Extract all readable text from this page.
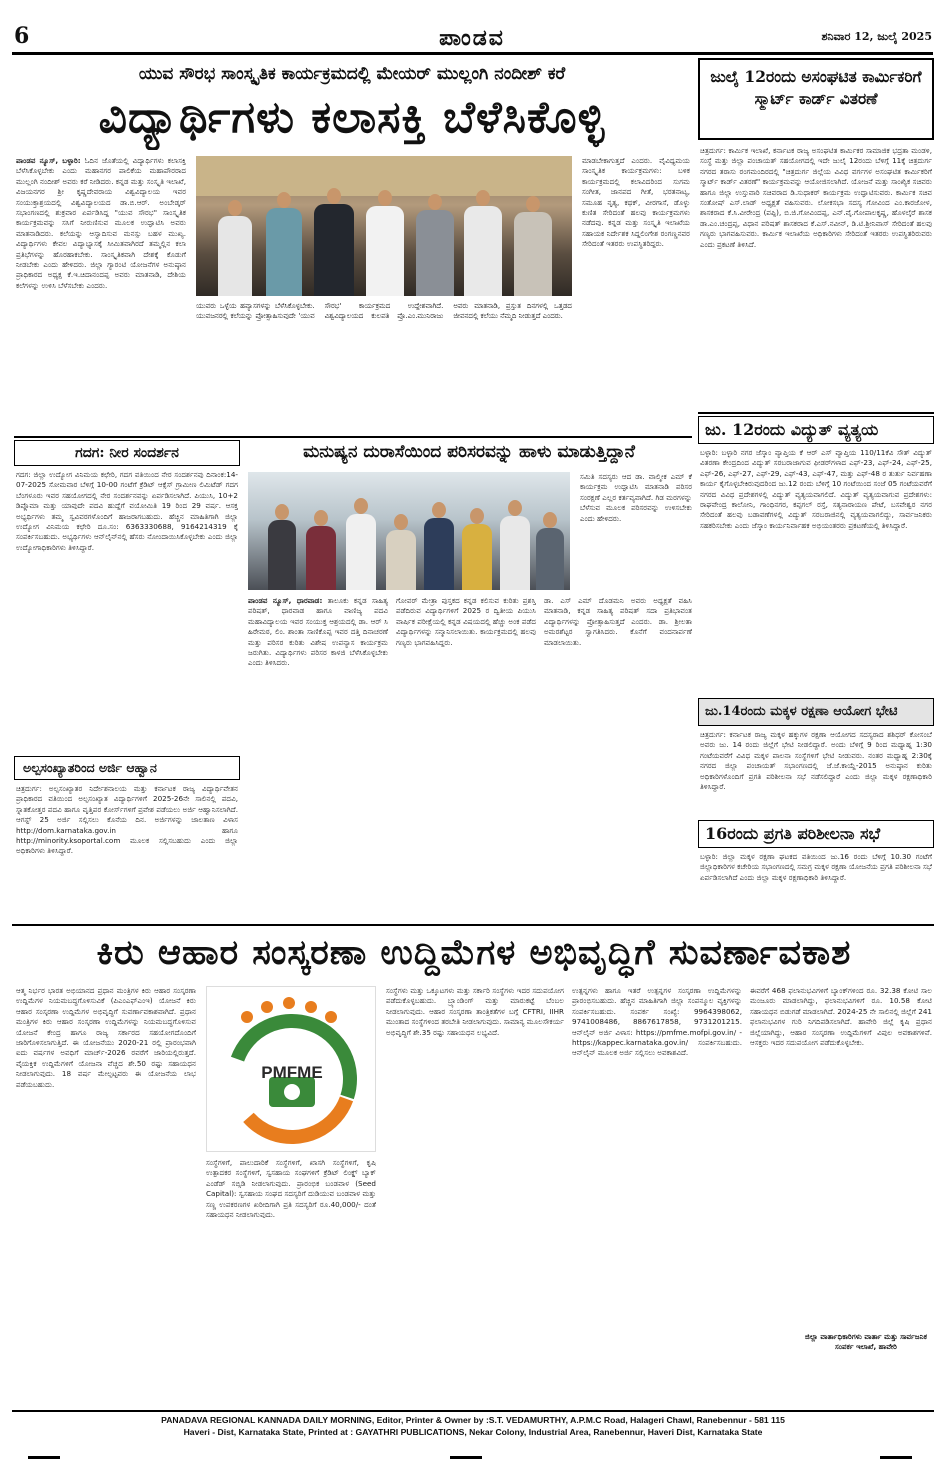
6	ಪಾಂಡವ	ಶನಿವಾರ 12, ಜುಲೈ 2025
ಯುವ ಸೌರಭ ಸಾಂಸ್ಕೃತಿಕ ಕಾರ್ಯಕ್ರಮದಲ್ಲಿ ಮೇಯರ್ ಮುಲ್ಲಂಗಿ ನಂದೀಶ್ ಕರೆ
ವಿದ್ಯಾರ್ಥಿಗಳು ಕಲಾಸಕ್ತಿ ಬೆಳೆಸಿಕೊಳ್ಳಿ
ಪಾಂಡವ ನ್ಯೂಸ್, ಬಳ್ಳಾರಿ: ಓದಿನ ಜೊತೆಯಲ್ಲಿ ವಿದ್ಯಾರ್ಥಿಗಳು ಕಲಾಸಕ್ತಿ ಬೆಳೆಸಿಕೊಳ್ಳಬೇಕು ಎಂದು ಮಹಾನಗರ ಪಾಲಿಕೆಯ ಮಹಾಪೌರರಾದ ಮುಲ್ಲಂಗಿ ನಂದೀಶ್ ಅವರು ಕರೆ ನೀಡಿದರು. ಕನ್ನಡ ಮತ್ತು ಸಂಸ್ಕೃತಿ ಇಲಾಖೆ, ವಿಜಯನಗರ ಶ್ರೀ ಕೃಷ್ಣದೇವರಾಯ ವಿಶ್ವವಿದ್ಯಾಲಯ ಇವರ ಸಂಯುಕ್ತಾಶ್ರಯದಲ್ಲಿ ವಿಶ್ವವಿದ್ಯಾಲಯದ ಡಾ.ಬಿ.ಆರ್. ಅಂಬೇಡ್ಕರ್ ಸಭಾಂಗಣದಲ್ಲಿ ಶುಕ್ರವಾರ ಏರ್ಪಡಿಸಿದ್ದ "ಯುವ ಸೌರಭ" ಸಾಂಸ್ಕೃತಿಕ ಕಾರ್ಯಕ್ರಮವನ್ನು ಸಸಿಗೆ ನೀರುಣಿಸುವ ಮೂಲಕ ಉದ್ಘಾಟಿಸಿ ಅವರು ಮಾತನಾಡಿದರು. ಕಲೆಯನ್ನು ಆಸ್ವಾದಿಸುವ ಮನಸ್ಸು ಬಹಳ ಮುಖ್ಯ. ವಿದ್ಯಾರ್ಥಿಗಳು ಕೇವಲ ವಿದ್ಯಾಭ್ಯಾಸಕ್ಕೆ ಸೀಮಿತವಾಗಿರದೆ ತಮ್ಮಲ್ಲಿನ ಕಲಾ ಪ್ರತಿಭೆಗಳನ್ನು ಹೊರಹಾಕಬೇಕು. ಸಾಂಸ್ಕೃತಿಕವಾಗಿ ದೇಶಕ್ಕೆ ಕೊಡುಗೆ ನೀಡಬೇಕು ಎಂದು ಹೇಳಿದರು. ಜಿಲ್ಲಾ ಗ್ಯಾರಂಟಿ ಯೋಜನೆಗಳ ಅನುಷ್ಠಾನ ಪ್ರಾಧಿಕಾರದ ಅಧ್ಯಕ್ಷ ಕೆ.ಇ.ಚಿದಾನಂದಪ್ಪ ಅವರು ಮಾತನಾಡಿ, ದೇಶಿಯ ಕಲೆಗಳನ್ನು ಉಳಿಸಿ ಬೆಳೆಸಬೇಕು ಎಂದರು.
ಯುವರು ಒಳ್ಳೆಯ ಹವ್ಯಾಸಗಳನ್ನು ಬೆಳೆಸಿಕೊಳ್ಳಬೇಕು. ಯುವಜನರಲ್ಲಿ ಕಲೆಯನ್ನು ಪ್ರೋತ್ಸಾಹಿಸುವುದೇ 'ಯುವ ಸೌರಭ' ಕಾರ್ಯಕ್ರಮದ ಉದ್ದೇಶವಾಗಿದೆ. ವಿಶ್ವವಿದ್ಯಾಲಯದ ಕುಲಪತಿ ಪ್ರೊ.ಎಂ.ಮುನಿರಾಜು ಅವರು ಮಾತನಾಡಿ, ಪ್ರಸ್ತುತ ದಿನಗಳಲ್ಲಿ ಒತ್ತಡದ ಜೀವನದಲ್ಲಿ ಕಲೆಯು ನೆಮ್ಮದಿ ನೀಡುತ್ತದೆ ಎಂದರು.
ಮಾಡಬೇಕಾಗುತ್ತದೆ ಎಂದರು. ವೈವಿಧ್ಯಮಯ ಸಾಂಸ್ಕೃತಿಕ ಕಾರ್ಯಕ್ರಮಗಳು: ಬಳಿಕ ಕಾರ್ಯಕ್ರಮದಲ್ಲಿ ಕಲಾವಿದರಿಂದ ಸುಗಮ ಸಂಗೀತ, ಜಾನಪದ ಗೀತೆ, ಭರತನಾಟ್ಯ, ಸಮೂಹ ನೃತ್ಯ, ಕಥಕ್, ವೀರಗಾಸೆ, ಡೊಳ್ಳು ಕುಣಿತ ಸೇರಿದಂತೆ ಹಲವು ಕಾರ್ಯಕ್ರಮಗಳು ನಡೆದವು. ಕನ್ನಡ ಮತ್ತು ಸಂಸ್ಕೃತಿ ಇಲಾಖೆಯ ಸಹಾಯಕ ನಿರ್ದೇಶಕ ಸಿದ್ದಲಿಂಗೇಶ ರಂಗಣ್ಣನವರ ಸೇರಿದಂತೆ ಇತರರು ಉಪಸ್ಥಿತರಿದ್ದರು.
ಜುಲೈ 12ರಂದು ಅಸಂಘಟಿತ ಕಾರ್ಮಿಕರಿಗೆ ಸ್ಮಾರ್ಟ್ ಕಾರ್ಡ್ ವಿತರಣೆ
ಚಿತ್ರದುರ್ಗ: ಕಾರ್ಮಿಕ ಇಲಾಖೆ, ಕರ್ನಾಟಕ ರಾಜ್ಯ ಅಸಂಘಟಿತ ಕಾರ್ಮಿಕರ ಸಾಮಾಜಿಕ ಭದ್ರತಾ ಮಂಡಳಿ, ಸಂಸ್ಥೆ ಮತ್ತು ಜಿಲ್ಲಾ ಪಂಚಾಯತ್ ಸಹಯೋಗದಲ್ಲಿ ಇದೇ ಜುಲೈ 12ರಂದು ಬೆಳಿಗ್ಗೆ 11ಕ್ಕೆ ಚಿತ್ರದುರ್ಗ ನಗರದ ತರಾಸು ರಂಗಮಂದಿರದಲ್ಲಿ "ಚಿತ್ರದುರ್ಗ ಜಿಲ್ಲೆಯ ವಿವಿಧ ವರ್ಗಗಳ ಅಸಂಘಟಿತ ಕಾರ್ಮಿಕರಿಗೆ ಸ್ಮಾರ್ಟ್ ಕಾರ್ಡ್ ವಿತರಣೆ" ಕಾರ್ಯಕ್ರಮವನ್ನು ಆಯೋಜಿಸಲಾಗಿದೆ. ಯೋಜನೆ ಮತ್ತು ಸಾಂಖ್ಯಿಕ ಸಚಿವರು ಹಾಗೂ ಜಿಲ್ಲಾ ಉಸ್ತುವಾರಿ ಸಚಿವರಾದ ಡಿ.ಸುಧಾಕರ್ ಕಾರ್ಯಕ್ರಮ ಉದ್ಘಾಟಿಸುವರು. ಕಾರ್ಮಿಕ ಸಚಿವ ಸಂತೋಷ್ ಎಸ್.ಲಾಡ್ ಅಧ್ಯಕ್ಷತೆ ವಹಿಸುವರು. ಲೋಕಸಭಾ ಸದಸ್ಯ ಗೋವಿಂದ ಎಂ.ಕಾರಜೋಳ, ಶಾಸಕರಾದ ಕೆ.ಸಿ.ವೀರೇಂದ್ರ (ಪಪ್ಪಿ), ಬಿ.ಜಿ.ಗೋವಿಂದಪ್ಪ, ಎನ್.ವೈ.ಗೋಪಾಲಕೃಷ್ಣ, ಹೊಳಲ್ಕೆರೆ ಶಾಸಕ ಡಾ.ಎಂ.ಚಂದ್ರಪ್ಪ, ವಿಧಾನ ಪರಿಷತ್ ಶಾಸಕರಾದ ಕೆ.ಎಸ್.ನವೀನ್, ಡಿ.ಟಿ.ಶ್ರೀನಿವಾಸ್ ಸೇರಿದಂತೆ ಹಲವು ಗಣ್ಯರು ಭಾಗವಹಿಸುವರು. ಕಾರ್ಮಿಕ ಇಲಾಖೆಯ ಅಧಿಕಾರಿಗಳು ಸೇರಿದಂತೆ ಇತರರು ಉಪಸ್ಥಿತರಿರುವರು ಎಂದು ಪ್ರಕಟಣೆ ತಿಳಿಸಿದೆ.
ಜು. 12ರಂದು ವಿದ್ಯುತ್ ವ್ಯತ್ಯಯ
ಬಳ್ಳಾರಿ: ಬಳ್ಳಾರಿ ನಗರ ಜೆಸ್ಕಾಂ ವ್ಯಾಪ್ತಿಯ ಕೆ ಆರ್ ಎಸ್ ವ್ಯಾಪ್ತಿಯ 110/11ಕೆವಿ ಸೌತ್ ವಿದ್ಯುತ್ ವಿತರಣಾ ಕೇಂದ್ರದಿಂದ ವಿದ್ಯುತ್ ಸರಬರಾಜಾಗುವ ಫೀಡರ್‌ಗಳಾದ ಎಫ್-23, ಎಫ್-24, ಎಫ್-25, ಎಫ್-26, ಎಫ್-27, ಎಫ್-29, ಎಫ್-43, ಎಫ್-47, ಮತ್ತು ಎಫ್-48 ರ ತುರ್ತು ನಿರ್ವಹಣಾ ಕಾರ್ಯ ಕೈಗೊಳ್ಳಬೇಕಿರುವುದರಿಂದ ಜು.12 ರಂದು ಬೆಳಿಗ್ಗೆ 10 ಗಂಟೆಯಿಂದ ಸಂಜೆ 05 ಗಂಟೆಯವರೆಗೆ ನಗರದ ವಿವಿಧ ಪ್ರದೇಶಗಳಲ್ಲಿ ವಿದ್ಯುತ್ ವ್ಯತ್ಯಯವಾಗಲಿದೆ. ವಿದ್ಯುತ್ ವ್ಯತ್ಯಯವಾಗುವ ಪ್ರದೇಶಗಳು: ರಾಘವೇಂದ್ರ ಕಾಲೋನಿ, ಗಾಂಧಿನಗರ, ಕಪ್ಪಗಲ್ ರಸ್ತೆ, ಸತ್ಯನಾರಾಯಣ ಪೇಟೆ, ಬಸವೇಶ್ವರ ನಗರ ಸೇರಿದಂತೆ ಹಲವು ಬಡಾವಣೆಗಳಲ್ಲಿ ವಿದ್ಯುತ್ ಸರಬರಾಜಿನಲ್ಲಿ ವ್ಯತ್ಯಯವಾಗಲಿದ್ದು, ಸಾರ್ವಜನಿಕರು ಸಹಕರಿಸಬೇಕು ಎಂದು ಜೆಸ್ಕಾಂ ಕಾರ್ಯನಿರ್ವಾಹಕ ಅಭಿಯಂತರರು ಪ್ರಕಟಣೆಯಲ್ಲಿ ತಿಳಿಸಿದ್ದಾರೆ.
ಜು.14ರಂದು ಮಕ್ಕಳ ರಕ್ಷಣಾ ಆಯೋಗ ಭೇಟಿ
ಚಿತ್ರದುರ್ಗ: ಕರ್ನಾಟಕ ರಾಜ್ಯ ಮಕ್ಕಳ ಹಕ್ಕುಗಳ ರಕ್ಷಣಾ ಆಯೋಗದ ಸದಸ್ಯರಾದ ಶಶಿಧರ್ ಕೋಸಂಬೆ ಅವರು ಜು. 14 ರಂದು ಜಿಲ್ಲೆಗೆ ಭೇಟಿ ನೀಡಲಿದ್ದಾರೆ. ಅಂದು ಬೆಳಿಗ್ಗೆ 9 ರಿಂದ ಮಧ್ಯಾಹ್ನ 1:30 ಗಂಟೆಯವರೆಗೆ ವಿವಿಧ ಮಕ್ಕಳ ಪಾಲನಾ ಸಂಸ್ಥೆಗಳಿಗೆ ಭೇಟಿ ನೀಡುವರು. ನಂತರ ಮಧ್ಯಾಹ್ನ 2:30ಕ್ಕೆ ನಗರದ ಜಿಲ್ಲಾ ಪಂಚಾಯತ್ ಸಭಾಂಗಣದಲ್ಲಿ ಜೆ.ಜೆ.ಕಾಯ್ದೆ-2015 ಅನುಷ್ಠಾನ ಕುರಿತು ಅಧಿಕಾರಿಗಳೊಂದಿಗೆ ಪ್ರಗತಿ ಪರಿಶೀಲನಾ ಸಭೆ ನಡೆಸಲಿದ್ದಾರೆ ಎಂದು ಜಿಲ್ಲಾ ಮಕ್ಕಳ ರಕ್ಷಣಾಧಿಕಾರಿ ತಿಳಿಸಿದ್ದಾರೆ.
16ರಂದು ಪ್ರಗತಿ ಪರಿಶೀಲನಾ ಸಭೆ
ಬಳ್ಳಾರಿ: ಜಿಲ್ಲಾ ಮಕ್ಕಳ ರಕ್ಷಣಾ ಘಟಕದ ವತಿಯಿಂದ ಜು.16 ರಂದು ಬೆಳಿಗ್ಗೆ 10.30 ಗಂಟೆಗೆ ಜಿಲ್ಲಾಧಿಕಾರಿಗಳ ಕಚೇರಿಯ ಸಭಾಂಗಣದಲ್ಲಿ ಸಮಗ್ರ ಮಕ್ಕಳ ರಕ್ಷಣಾ ಯೋಜನೆಯ ಪ್ರಗತಿ ಪರಿಶೀಲನಾ ಸಭೆ ಏರ್ಪಡಿಸಲಾಗಿದೆ ಎಂದು ಜಿಲ್ಲಾ ಮಕ್ಕಳ ರಕ್ಷಣಾಧಿಕಾರಿ ತಿಳಿಸಿದ್ದಾರೆ.
ಗದಗ: ನೀರ ಸಂದರ್ಶನ
ಗದಗ: ಜಿಲ್ಲಾ ಉದ್ಯೋಗ ವಿನಿಮಯ ಕಛೇರಿ, ಗದಗ ವತಿಯಿಂದ ನೇರ ಸಂದರ್ಶನವು ದಿನಾಂಕ:14-07-2025 ಸೋಮವಾರ ಬೆಳಿಗ್ಗೆ 10-00 ಗಂಟೆಗೆ ಕ್ರೆಡಿಟ್ ಆಕ್ಸೆಸ್ ಗ್ರಾಮೀಣ ಲಿಮಿಟೆಡ್ ಗದಗ ಬೆಂಗಳೂರು ಇವರ ಸಹಯೋಗದಲ್ಲಿ ನೇರ ಸಂದರ್ಶನವನ್ನು ಏರ್ಪಡಿಸಲಾಗಿದೆ. ಪಿಯುಸಿ, 10+2 ಡಿಪ್ಲೊಮಾ ಮತ್ತು ಯಾವುದೇ ಪದವಿ ಹುದ್ದೆಗೆ ವಯೋಮಿತಿ 19 ರಿಂದ 29 ವರ್ಷ. ಆಸಕ್ತ ಅಭ್ಯರ್ಥಿಗಳು ತಮ್ಮ ಸ್ವವಿವರಗಳೊಂದಿಗೆ ಹಾಜರಾಗಬಹುದು. ಹೆಚ್ಚಿನ ಮಾಹಿತಿಗಾಗಿ ಜಿಲ್ಲಾ ಉದ್ಯೋಗ ವಿನಿಮಯ ಕಛೇರಿ ದೂ.ಸಂ: 6363330688, 9164214319 ಕ್ಕೆ ಸಂಪರ್ಕಿಸಬಹುದು. ಅಭ್ಯರ್ಥಿಗಳು ಆನ್‌ಲೈನ್‌ನಲ್ಲಿ ಹೆಸರು ನೋಂದಾಯಿಸಿಕೊಳ್ಳಬೇಕು ಎಂದು ಜಿಲ್ಲಾ ಉದ್ಯೋಗಾಧಿಕಾರಿಗಳು ತಿಳಿಸಿದ್ದಾರೆ.
ಅಲ್ಪಸಂಖ್ಯಾತರಿಂದ ಅರ್ಜಿ ಆಹ್ವಾನ
ಚಿತ್ರದುರ್ಗ: ಅಲ್ಪಸಂಖ್ಯಾತರ ನಿರ್ದೇಶನಾಲಯ ಮತ್ತು ಕರ್ನಾಟಕ ರಾಜ್ಯ ವಿದ್ಯಾರ್ಥಿವೇತನ ಪ್ರಾಧಿಕಾರದ ವತಿಯಿಂದ ಅಲ್ಪಸಂಖ್ಯಾತ ವಿದ್ಯಾರ್ಥಿಗಳಿಗೆ 2025-26ನೇ ಸಾಲಿನಲ್ಲಿ ಪದವಿ, ಸ್ನಾತಕೋತ್ತರ ಪದವಿ ಹಾಗೂ ವೃತ್ತಿಪರ ಕೋರ್ಸ್‌ಗಳಿಗೆ ಪ್ರವೇಶ ಪಡೆಯಲು ಅರ್ಜಿ ಆಹ್ವಾನಿಸಲಾಗಿದೆ. ಆಗಸ್ಟ್ 25 ಅರ್ಜಿ ಸಲ್ಲಿಸಲು ಕೊನೆಯ ದಿನ. ಅರ್ಜಿಗಳನ್ನು ಜಾಲತಾಣ ವಿಳಾಸ http://dom.karnataka.gov.in ಹಾಗೂ http://minority.ksoportal.com ಮೂಲಕ ಸಲ್ಲಿಸಬಹುದು ಎಂದು ಜಿಲ್ಲಾ ಅಧಿಕಾರಿಗಳು ತಿಳಿಸಿದ್ದಾರೆ.
ಮನುಷ್ಯನ ದುರಾಸೆಯಿಂದ ಪರಿಸರವನ್ನು ಹಾಳು ಮಾಡುತ್ತಿದ್ದಾನೆ
ಸಮಿತಿ ಸದಸ್ಯರು ಆದ ಡಾ. ವಾಲ್ಮೀಕ ಎಮ್ ಕೆ ಕಾರ್ಯಕ್ರಮ ಉದ್ಘಾಟಿಸಿ ಮಾತನಾಡಿ ಪರಿಸರ ಸಂರಕ್ಷಣೆ ಎಲ್ಲರ ಕರ್ತವ್ಯವಾಗಿದೆ. ಗಿಡ ಮರಗಳನ್ನು ಬೆಳೆಸುವ ಮೂಲಕ ಪರಿಸರವನ್ನು ಉಳಿಸಬೇಕು ಎಂದು ಹೇಳಿದರು.
ಪಾಂಡವ ನ್ಯೂಸ್, ಧಾರವಾಡ: ತಾಲೂಕು ಕನ್ನಡ ಸಾಹಿತ್ಯ ಪರಿಷತ್, ಧಾರವಾಡ ಹಾಗೂ ವಾಣಿಜ್ಯ ಪದವಿ ಮಹಾವಿದ್ಯಾಲಯ ಇವರ ಸಂಯುಕ್ತ ಆಶ್ರಯದಲ್ಲಿ ಡಾ. ಆರ್ ಸಿ ಹಿರೇಮಠ, ಲಿಂ. ಶಾಂತಾ ಸಾಣಿಕೊಪ್ಪ ಇವರ ದತ್ತಿ ದಿನಾಚರಣೆ ಮತ್ತು ಪರಿಸರ ಕುರಿತು ವಿಶೇಷ ಉಪನ್ಯಾಸ ಕಾರ್ಯಕ್ರಮ ಜರುಗಿತು. ವಿದ್ಯಾರ್ಥಿಗಳು ಪರಿಸರ ಕಾಳಜಿ ಬೆಳೆಸಿಕೊಳ್ಳಬೇಕು ಎಂದು ತಿಳಿಸಿದರು.
ಗೋವರ್ ಮೇತ್ರಾ ಪುಸ್ತಕದ ಕನ್ನಡ ಕಲಿಸುವ ಕುರಿತು ಪ್ರಶಸ್ತಿ ಪಡೆದಿರುವ ವಿದ್ಯಾರ್ಥಿಗಳಿಗೆ 2025 ರ ದ್ವಿತೀಯ ಪಿಯುಸಿ ವಾರ್ಷಿಕ ಪರೀಕ್ಷೆಯಲ್ಲಿ ಕನ್ನಡ ವಿಷಯದಲ್ಲಿ ಹೆಚ್ಚು ಅಂಕ ಪಡೆದ ವಿದ್ಯಾರ್ಥಿಗಳನ್ನು ಸನ್ಮಾನಿಸಲಾಯಿತು. ಕಾರ್ಯಕ್ರಮದಲ್ಲಿ ಹಲವು ಗಣ್ಯರು ಭಾಗವಹಿಸಿದ್ದರು.
ಡಾ. ಎಸ್ ಎಮ್ ದೊಡಮನಿ ಅವರು ಅಧ್ಯಕ್ಷತೆ ವಹಿಸಿ ಮಾತನಾಡಿ, ಕನ್ನಡ ಸಾಹಿತ್ಯ ಪರಿಷತ್ ಸದಾ ಪ್ರತಿಭಾವಂತ ವಿದ್ಯಾರ್ಥಿಗಳನ್ನು ಪ್ರೋತ್ಸಾಹಿಸುತ್ತದೆ ಎಂದರು. ಡಾ. ಶ್ರೀಲತಾ ಅಮರಶೆಟ್ಟರ ಸ್ವಾಗತಿಸಿದರು. ಕೊನೆಗೆ ವಂದನಾರ್ಪಣೆ ಮಾಡಲಾಯಿತು.
ಕಿರು ಆಹಾರ ಸಂಸ್ಕರಣಾ ಉದ್ದಿಮೆಗಳ ಅಭಿವೃದ್ಧಿಗೆ ಸುವರ್ಣಾವಕಾಶ
ಆತ್ಮ ನಿರ್ಭರ ಭಾರತ ಅಭಿಯಾನದ ಪ್ರಧಾನ ಮಂತ್ರಿಗಳ ಕಿರು ಆಹಾರ ಸಂಸ್ಕರಣಾ ಉದ್ದಿಮೆಗಳ ನಿಯಮಬದ್ಧಗೊಳಿಸುವಿಕೆ (ಪಿಎಂಎಫ್ಎಂಇ) ಯೋಜನೆ ಕಿರು ಆಹಾರ ಸಂಸ್ಕರಣಾ ಉದ್ದಿಮೆಗಳ ಅಭಿವೃದ್ಧಿಗೆ ಸುವರ್ಣಾವಕಾಶವಾಗಿದೆ. ಪ್ರಧಾನ ಮಂತ್ರಿಗಳ ಕಿರು ಆಹಾರ ಸಂಸ್ಕರಣಾ ಉದ್ದಿಮೆಗಳನ್ನು ನಿಯಮಬದ್ಧಗೊಳಿಸುವ ಯೋಜನೆ ಕೇಂದ್ರ ಹಾಗೂ ರಾಜ್ಯ ಸರ್ಕಾರದ ಸಹಯೋಗದೊಂದಿಗೆ ಜಾರಿಗೊಳಿಸಲಾಗುತ್ತಿದೆ. ಈ ಯೋಜನೆಯು 2020-21 ರಲ್ಲಿ ಪ್ರಾರಂಭವಾಗಿ ಐದು ವರ್ಷಗಳ ಅವಧಿಗೆ ಮಾರ್ಚ್-2026 ರವರೆಗೆ ಜಾರಿಯಲ್ಲಿರುತ್ತದೆ. ವೈಯಕ್ತಿಕ ಉದ್ದಿಮೆಗಳಿಗೆ ಯೋಜನಾ ವೆಚ್ಚದ ಶೇ.50 ರಷ್ಟು ಸಹಾಯಧನ ನೀಡಲಾಗುವುದು. 18 ವರ್ಷ ಮೇಲ್ಪಟ್ಟವರು ಈ ಯೋಜನೆಯ ಲಾಭ ಪಡೆಯಬಹುದು.
PMFME
ಸಂಸ್ಥೆಗಳಿಗೆ, ಪಾಲುದಾರಿಕೆ ಸಂಸ್ಥೆಗಳಿಗೆ, ಖಾಸಗಿ ಸಂಸ್ಥೆಗಳಿಗೆ, ಕೃಷಿ ಉತ್ಪಾದಕರ ಸಂಸ್ಥೆಗಳಿಗೆ, ಸ್ವಸಹಾಯ ಸಂಘಗಳಿಗೆ ಕ್ರೆಡಿಟ್ ಲಿಂಕ್ಡ್ ಬ್ಯಾಕ್ ಎಂಡೆಡ್ ಸಬ್ಸಿಡಿ ನೀಡಲಾಗುವುದು. ಪ್ರಾರಂಭಿಕ ಬಂಡವಾಳ (Seed Capital): ಸ್ವಸಹಾಯ ಸಂಘದ ಸದಸ್ಯರಿಗೆ ದುಡಿಯುವ ಬಂಡವಾಳ ಮತ್ತು ಸಣ್ಣ ಉಪಕರಣಗಳ ಖರೀದಿಗಾಗಿ ಪ್ರತಿ ಸದಸ್ಯರಿಗೆ ರೂ.40,000/- ದಂತೆ ಸಹಾಯಧನ ನೀಡಲಾಗುವುದು.
ಸಂಸ್ಥೆಗಳು ಮತ್ತು ಒಕ್ಕೂಟಗಳು ಮತ್ತು ಸರ್ಕಾರಿ ಸಂಸ್ಥೆಗಳು ಇದರ ಸದುಪಯೋಗ ಪಡೆದುಕೊಳ್ಳಬಹುದು. ಬ್ರ್ಯಾಂಡಿಂಗ್ ಮತ್ತು ಮಾರುಕಟ್ಟೆ ಬೆಂಬಲ ನೀಡಲಾಗುವುದು. ಆಹಾರ ಸಂಸ್ಕರಣಾ ತಾಂತ್ರಿಕತೆಗಳ ಬಗ್ಗೆ CFTRI, IIHR ಮುಂತಾದ ಸಂಸ್ಥೆಗಳಿಂದ ತರಬೇತಿ ನೀಡಲಾಗುವುದು. ಸಾಮಾನ್ಯ ಮೂಲಸೌಕರ್ಯ ಅಭಿವೃದ್ಧಿಗೆ ಶೇ.35 ರಷ್ಟು ಸಹಾಯಧನ ಲಭ್ಯವಿದೆ.
ಉತ್ಪನ್ನಗಳು ಹಾಗೂ ಇತರೆ ಉತ್ಪನ್ನಗಳ ಸಂಸ್ಕರಣಾ ಉದ್ದಿಮೆಗಳನ್ನು ಪ್ರಾರಂಭಿಸಬಹುದು. ಹೆಚ್ಚಿನ ಮಾಹಿತಿಗಾಗಿ ಜಿಲ್ಲಾ ಸಂಪನ್ಮೂಲ ವ್ಯಕ್ತಿಗಳನ್ನು ಸಂಪರ್ಕಿಸಬಹುದು. ಸಂಪರ್ಕ ಸಂಖ್ಯೆ: 9964398062, 9741008486, 8867617858, 9731201215. ಆನ್‌ಲೈನ್ ಅರ್ಜಿ ವಿಳಾಸ: https://pmfme.mofpi.gov.in/ - https://kappec.karnataka.gov.in/ ಸಂಪರ್ಕಿಸಬಹುದು. ಆನ್‌ಲೈನ್ ಮೂಲಕ ಅರ್ಜಿ ಸಲ್ಲಿಸಲು ಅವಕಾಶವಿದೆ.
ಈವರೆಗೆ 468 ಫಲಾನುಭವಿಗಳಿಗೆ ಬ್ಯಾಂಕ್‌ಗಳಿಂದ ರೂ. 32.38 ಕೋಟಿ ಸಾಲ ಮಂಜೂರು ಮಾಡಲಾಗಿದ್ದು, ಫಲಾನುಭವಿಗಳಿಗೆ ರೂ. 10.58 ಕೋಟಿ ಸಹಾಯಧನ ಬಿಡುಗಡೆ ಮಾಡಲಾಗಿದೆ. 2024-25 ನೇ ಸಾಲಿನಲ್ಲಿ ಜಿಲ್ಲೆಗೆ 241 ಫಲಾನುಭವಿಗಳ ಗುರಿ ನಿಗದಿಪಡಿಸಲಾಗಿದೆ. ಹಾವೇರಿ ಜಿಲ್ಲೆ ಕೃಷಿ ಪ್ರಧಾನ ಜಿಲ್ಲೆಯಾಗಿದ್ದು, ಆಹಾರ ಸಂಸ್ಕರಣಾ ಉದ್ದಿಮೆಗಳಿಗೆ ವಿಪುಲ ಅವಕಾಶಗಳಿವೆ. ಆಸಕ್ತರು ಇದರ ಸದುಪಯೋಗ ಪಡೆದುಕೊಳ್ಳಬೇಕು.
ಜಿಲ್ಲಾ ವಾರ್ತಾಧಿಕಾರಿಗಳು ವಾರ್ತಾ ಮತ್ತು ಸಾರ್ವಜನಿಕ ಸಂಪರ್ಕ ಇಲಾಖೆ, ಹಾವೇರಿ
PANADAVA REGIONAL KANNADA DAILY MORNING, Editor, Printer & Owner by :S.T. VEDAMURTHY, A.P.M.C Road, Halageri Chawl, Ranebennur - 581 115
Haveri - Dist, Karnataka State, Printed at : GAYATHRI PUBLICATIONS, Nekar Colony, Industrial Area, Ranebennur, Haveri Dist, Karnataka State
